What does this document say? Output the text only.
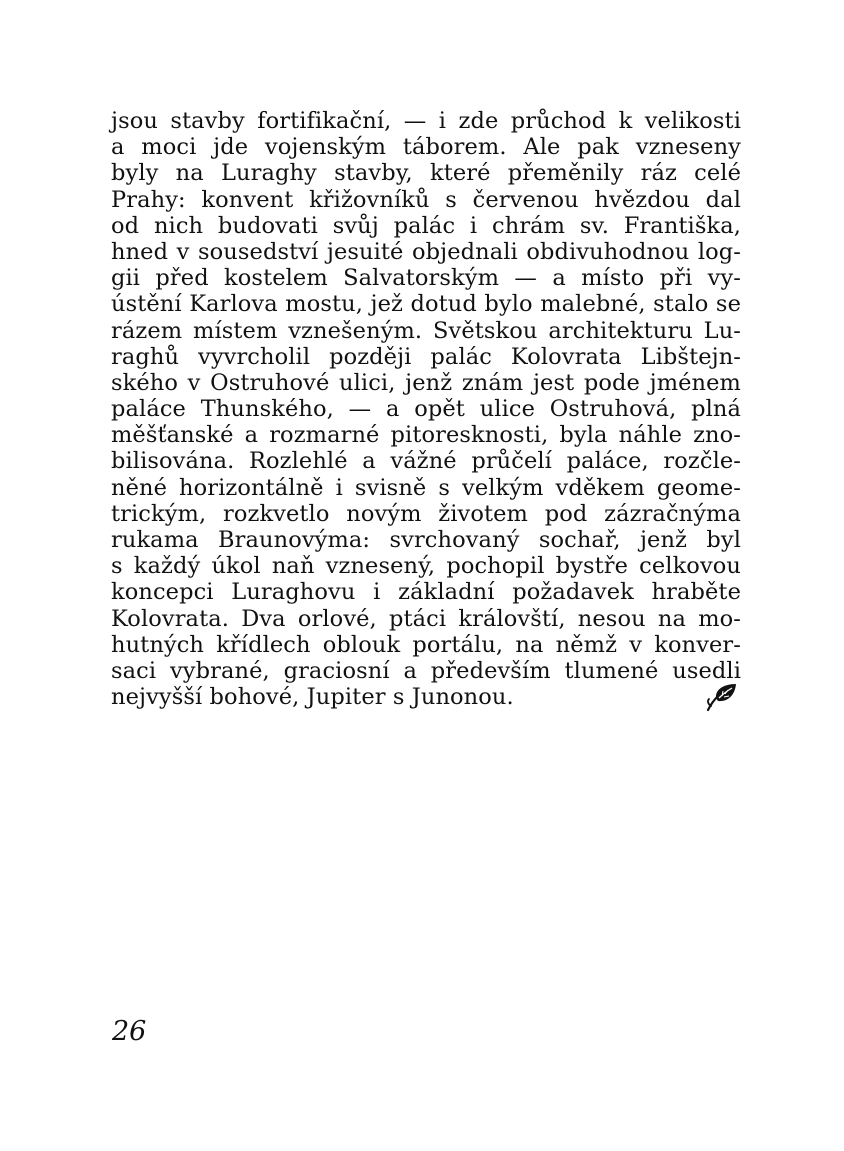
jsou stavby fortifikační, — i zde průchod k velikosti
a moci jde vojenským táborem. Ale pak vzneseny
byly na Luraghy stavby, které přeměnily ráz celé
Prahy: konvent křižovníků s červenou hvězdou dal
od nich budovati svůj palác i chrám sv. Františka,
hned v sousedství jesuité objednali obdivuhodnou log-
gii před kostelem Salvatorským — a místo při vy-
ústění Karlova mostu, jež dotud bylo malebné, stalo se
rázem místem vznešeným. Světskou architekturu Lu-
raghů vyvrcholil později palác Kolovrata Libštejn-
ského v Ostruhové ulici, jenž znám jest pode jménem
paláce Thunského, — a opět ulice Ostruhová, plná
měšťanské a rozmarné pitoresknosti, byla náhle zno-
bilisována. Rozlehlé a vážné průčelí paláce, rozčle-
něné horizontálně i svisně s velkým vděkem geome-
trickým, rozkvetlo novým životem pod zázračnýma
rukama Braunovýma: svrchovaný sochař, jenž byl
s každý úkol naň vznesený, pochopil bystře celkovou
koncepci Luraghovu i základní požadavek hraběte
Kolovrata. Dva orlové, ptáci královští, nesou na mo-
hutných křídlech oblouk portálu, na němž v konver-
saci vybrané, graciosní a především tlumené usedli
nejvyšší bohové, Jupiter s Junonou.

26
